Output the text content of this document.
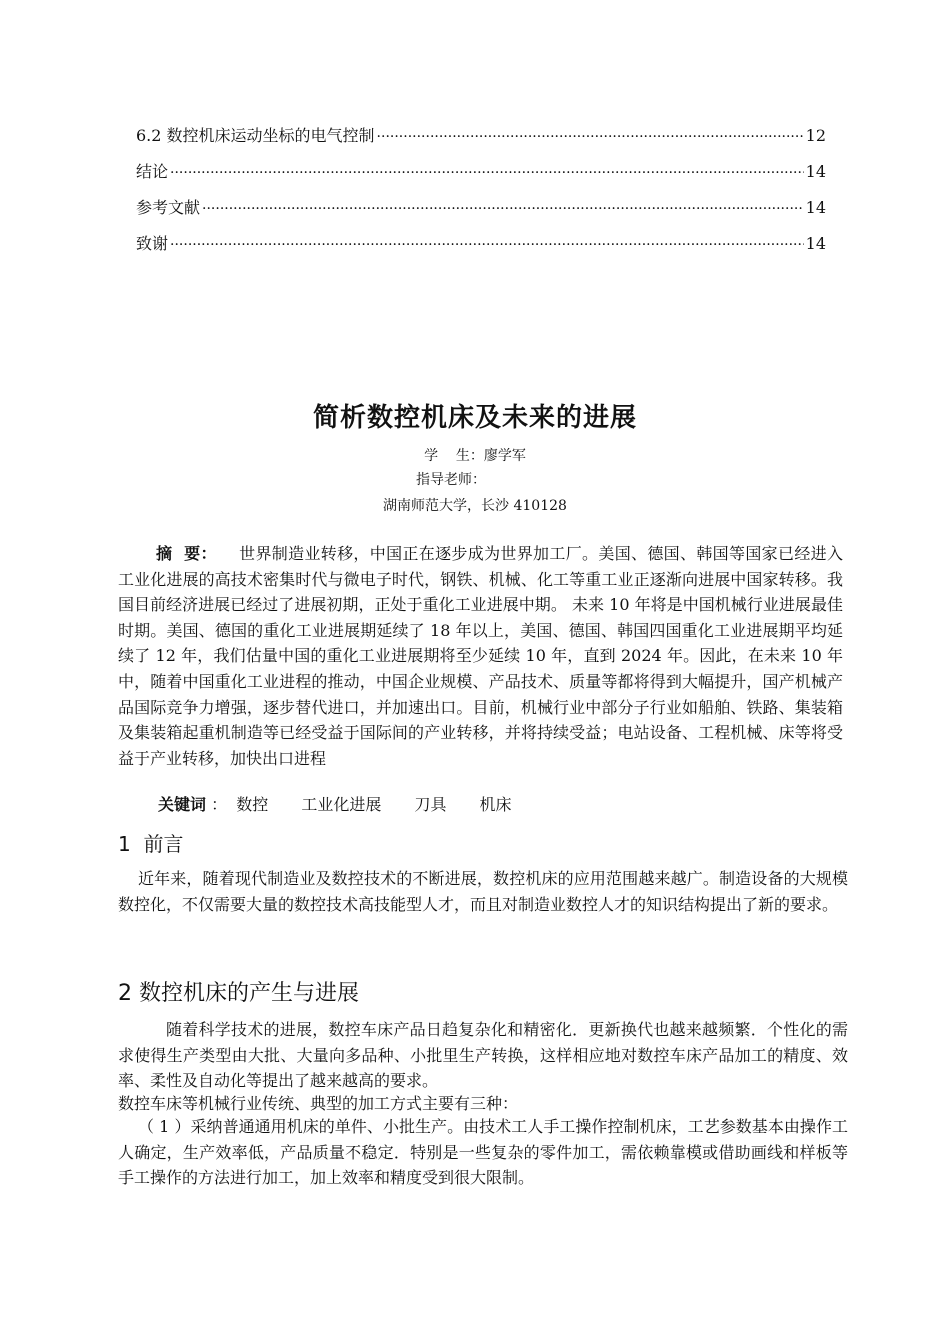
6.2 数控机床运动坐标的电气控制 ·····	12
结论 ·····	14
参考文献 ·····	14
致谢 ·····	14
简析数控机床及未来的进展
学    生：廖学军
指导老师：
湖南师范大学，长沙 410128
摘  要： 世界制造业转移，中国正在逐步成为世界加工厂。美国、德国、韩国等国家已经进入工业化进展的高技术密集时代与微电子时代，钢铁、机械、化工等重工业正逐渐向进展中国家转移。我国目前经济进展已经过了进展初期，正处于重化工业进展中期。 未来 10 年将是中国机械行业进展最佳时期。美国、德国的重化工业进展期延续了 18 年以上，美国、德国、韩国四国重化工业进展期平均延续了 12 年，我们估量中国的重化工业进展期将至少延续 10 年，直到 2024 年。因此，在未来 10 年中，随着中国重化工业进程的推动，中国企业规模、产品技术、质量等都将得到大幅提升，国产机械产品国际竞争力增强，逐步替代进口，并加速出口。目前，机械行业中部分子行业如船舶、铁路、集装箱及集装箱起重机制造等已经受益于国际间的产业转移，并将持续受益；电站设备、工程机械、床等将受益于产业转移，加快出口进程
关键词 ： 数控 工业化进展 刀具 机床
1  前言
近年来，随着现代制造业及数控技术的不断进展，数控机床的应用范围越来越广。制造设备的大规模数控化，不仅需要大量的数控技术高技能型人才，而且对制造业数控人才的知识结构提出了新的要求。
2 数控机床的产生与进展
随着科学技术的进展，数控车床产品日趋复杂化和精密化．更新换代也越来越频繁．个性化的需求使得生产类型由大批、大量向多品种、小批里生产转换，这样相应地对数控车床产品加工的精度、效率、柔性及自动化等提出了越来越高的要求。
数控车床等机械行业传统、典型的加工方式主要有三种：
（ 1 ）采纳普通通用机床的单件、小批生产。由技术工人手工操作控制机床，工艺参数基本由操作工人确定，生产效率低，产品质量不稳定．特别是一些复杂的零件加工，需依赖靠模或借助画线和样板等手工操作的方法进行加工，加上效率和精度受到很大限制。
